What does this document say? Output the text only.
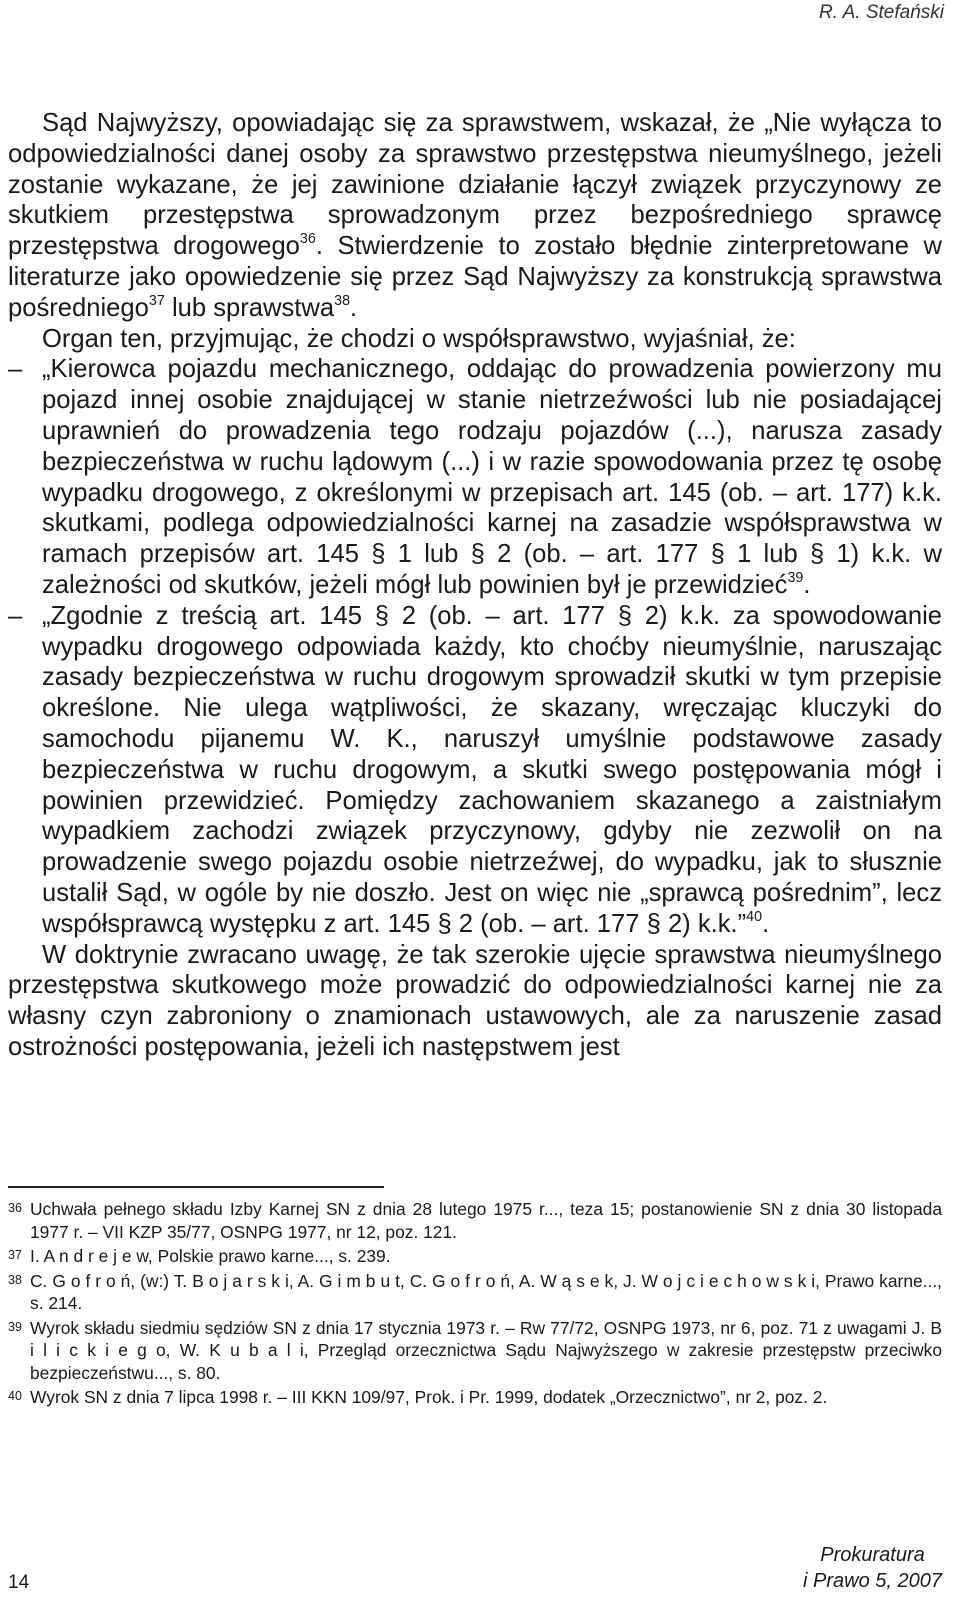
R. A. Stefański

Sąd Najwyższy, opowiadając się za sprawstwem, wskazał, że „Nie wyłącza to odpowiedzialności danej osoby za sprawstwo przestępstwa nieumyślnego, jeżeli zostanie wykazane, że jej zawinione działanie łączył związek przyczynowy ze skutkiem przestępstwa sprowadzonym przez bezpośredniego sprawcę przestępstwa drogowego$^{36}$. Stwierdzenie to zostało błędnie zinterpretowane w literaturze jako opowiedzenie się przez Sąd Najwyższy za konstrukcją sprawstwa pośredniego$^{37}$ lub sprawstwa$^{38}$.

Organ ten, przyjmując, że chodzi o współsprawstwo, wyjaśniał, że:

– „Kierowca pojazdu mechanicznego, oddając do prowadzenia powierzony mu pojazd innej osobie znajdującej w stanie nietrzeźwości lub nie posiadającej uprawnień do prowadzenia tego rodzaju pojazdów (...), narusza zasady bezpieczeństwa w ruchu lądowym (...) i w razie spowodowania przez tę osobę wypadku drogowego, z określonymi w przepisach art. 145 (ob. – art. 177) k.k. skutkami, podlega odpowiedzialności karnej na zasadzie współsprawstwa w ramach przepisów art. 145 § 1 lub § 2 (ob. – art. 177 § 1 lub § 1) k.k. w zależności od skutków, jeżeli mógł lub powinien był je przewidzieć$^{39}$.

– „Zgodnie z treścią art. 145 § 2 (ob. – art. 177 § 2) k.k. za spowodowanie wypadku drogowego odpowiada każdy, kto choćby nieumyślnie, naruszając zasady bezpieczeństwa w ruchu drogowym sprowadził skutki w tym przepisie określone. Nie ulega wątpliwości, że skazany, wręczając kluczyki do samochodu pijanemu W. K., naruszył umyślnie podstawowe zasady bezpieczeństwa w ruchu drogowym, a skutki swego postępowania mógł i powinien przewidzieć. Pomiędzy zachowaniem skazanego a zaistniałym wypadkiem zachodzi związek przyczynowy, gdyby nie zezwolił on na prowadzenie swego pojazdu osobie nietrzeźwej, do wypadku, jak to słusznie ustalił Sąd, w ogóle by nie doszło. Jest on więc nie „sprawcą pośrednim”, lecz współsprawcą występku z art. 145 § 2 (ob. – art. 177 § 2) k.k.”$^{40}$.

W doktrynie zwracano uwagę, że tak szerokie ujęcie sprawstwa nieumyślnego przestępstwa skutkowego może prowadzić do odpowiedzialności karnej nie za własny czyn zabroniony o znamionach ustawowych, ale za naruszenie zasad ostrożności postępowania, jeżeli ich następstwem jest

36 Uchwała pełnego składu Izby Karnej SN z dnia 28 lutego 1975 r..., teza 15; postanowienie SN z dnia 30 listopada 1977 r. – VII KZP 35/77, OSNPG 1977, nr 12, poz. 121.
37 I. A n d r e j e w, Polskie prawo karne..., s. 239.
38 C. G o f r o ń, (w:) T. B o j a r s k i, A. G i m b u t, C. G o f r o ń, A. W ą s e k, J. W o j c i e c h o w s k i, Prawo karne..., s. 214.
39 Wyrok składu siedmiu sędziów SN z dnia 17 stycznia 1973 r. – Rw 77/72, OSNPG 1973, nr 6, poz. 71 z uwagami J. B i l i c k i e g o, W. K u b a l i, Przegląd orzecznictwa Sądu Najwyższego w zakresie przestępstw przeciwko bezpieczeństwu..., s. 80.
40 Wyrok SN z dnia 7 lipca 1998 r. – III KKN 109/97, Prok. i Pr. 1999, dodatek „Orzecznictwo”, nr 2, poz. 2.
14
Prokuratura
i Prawo 5, 2007
